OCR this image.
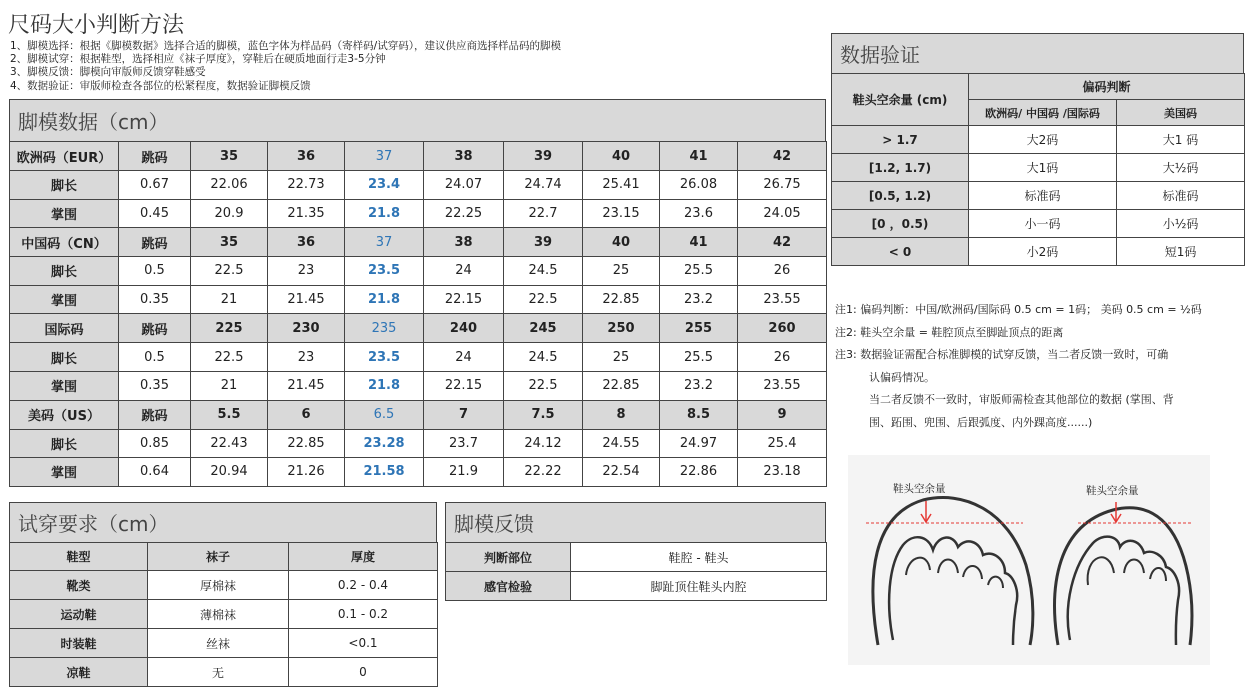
尺码大小判断方法
1、脚模选择：根据《脚模数据》选择合适的脚模，蓝色字体为样品码（寄样码/试穿码），建议供应商选择样品码的脚模
2、脚模试穿：根据鞋型，选择相应《袜子厚度》，穿鞋后在硬质地面行走3-5分钟
3、脚模反馈：脚模向审版师反馈穿鞋感受
4、数据验证：审版师检查各部位的松紧程度，数据验证脚模反馈
脚模数据（cm）
欧洲码（EUR）	跳码	35	36	37	38	39	40	41	42
脚长	0.67	22.06	22.73	23.4	24.07	24.74	25.41	26.08	26.75
掌围	0.45	20.9	21.35	21.8	22.25	22.7	23.15	23.6	24.05
中国码（CN）	跳码	35	36	37	38	39	40	41	42
脚长	0.5	22.5	23	23.5	24	24.5	25	25.5	26
掌围	0.35	21	21.45	21.8	22.15	22.5	22.85	23.2	23.55
国际码	跳码	225	230	235	240	245	250	255	260
脚长	0.5	22.5	23	23.5	24	24.5	25	25.5	26
掌围	0.35	21	21.45	21.8	22.15	22.5	22.85	23.2	23.55
美码（US）	跳码	5.5	6	6.5	7	7.5	8	8.5	9
脚长	0.85	22.43	22.85	23.28	23.7	24.12	24.55	24.97	25.4
掌围	0.64	20.94	21.26	21.58	21.9	22.22	22.54	22.86	23.18
试穿要求（cm）
鞋型	袜子	厚度
靴类	厚棉袜	0.2 - 0.4
运动鞋	薄棉袜	0.1 - 0.2
时装鞋	丝袜	<0.1
凉鞋	无	0
脚模反馈
判断部位	鞋腔 - 鞋头
感官检验	脚趾顶住鞋头内腔
数据验证
鞋头空余量 (cm)	偏码判断	
	欧洲码/ 中国码 /国际码	美国码
> 1.7	大2码	大1 码
[1.2, 1.7)	大1码	大½码
[0.5, 1.2)	标准码	标准码
[0 ，0.5)	小一码	小½码
< 0	小2码	短1码
注1: 偏码判断：中国/欧洲码/国际码 0.5 cm = 1码； 美码 0.5 cm = ½码
注2: 鞋头空余量 = 鞋腔顶点至脚趾顶点的距离
注3: 数据验证需配合标准脚模的试穿反馈，当二者反馈一致时，可确
认偏码情况。
当二者反馈不一致时，审版师需检查其他部位的数据 (掌围、背
围、跖围、兜围、后跟弧度、内外踝高度......)
鞋头空余量	鞋头空余量
